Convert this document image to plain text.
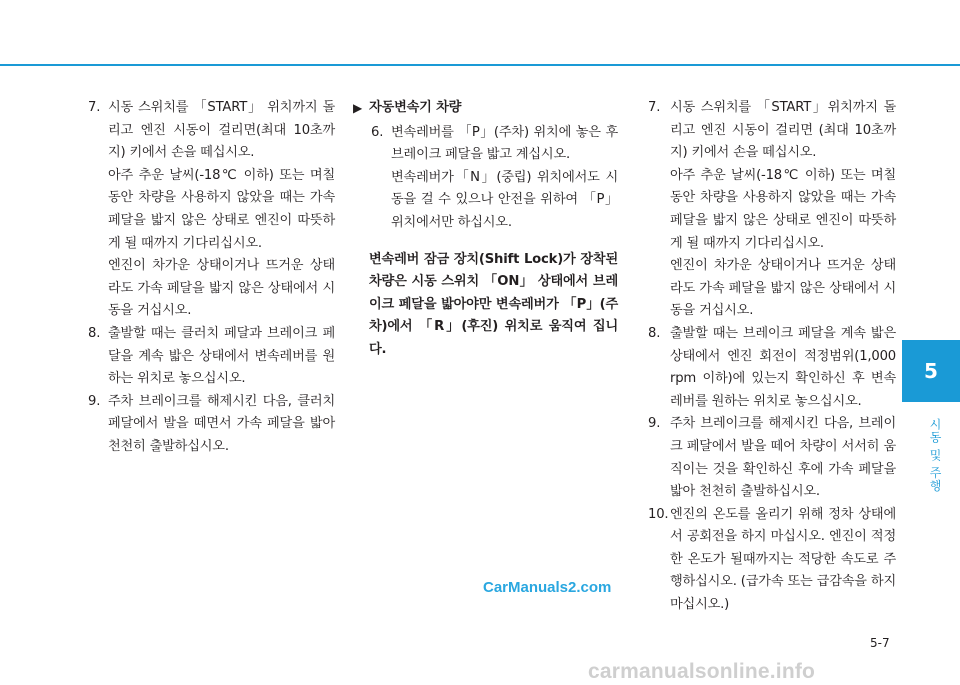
7. 시동 스위치를 「START」 위치까지 돌리고 엔진 시동이 걸리면(최대 10초까지) 키에서 손을 떼십시오.

아주 추운 날씨(-18℃ 이하) 또는 며칠 동안 차량을 사용하지 않았을 때는 가속 페달을 밟지 않은 상태로 엔진이 따뜻하게 될 때까지 기다리십시오.

엔진이 차가운 상태이거나 뜨거운 상태라도 가속 페달을 밟지 않은 상태에서 시동을 거십시오.

8. 출발할 때는 클러치 페달과 브레이크 페달을 계속 밟은 상태에서 변속레버를 원하는 위치로 놓으십시오.

9. 주차 브레이크를 해제시킨 다음, 클러치 페달에서 발을 떼면서 가속 페달을 밟아 천천히 출발하십시오.

▶ 자동변속기 차량
6. 변속레버를 「P」(주차) 위치에 놓은 후 브레이크 페달을 밟고 계십시오.

변속레버가「N」(중립) 위치에서도 시동을 걸 수 있으나 안전을 위하여 「P」위치에서만 하십시오.

변속레버 잠금 장치(Shift Lock)가 장착된 차량은 시동 스위치 「ON」 상태에서 브레이크 페달을 밟아야만 변속레버가 「P」(주차)에서 「R」(후진) 위치로 움직여 집니다.

7. 시동 스위치를 「START」위치까지 돌리고 엔진 시동이 걸리면 (최대 10초까지) 키에서 손을 떼십시오.

아주 추운 날씨(-18℃ 이하) 또는 며칠 동안 차량을 사용하지 않았을 때는 가속 페달을 밟지 않은 상태로 엔진이 따뜻하게 될 때까지 기다리십시오.

엔진이 차가운 상태이거나 뜨거운 상태라도 가속 페달을 밟지 않은 상태에서 시동을 거십시오.

8. 출발할 때는 브레이크 페달을 계속 밟은 상태에서 엔진 회전이 적정범위(1,000 rpm 이하)에 있는지 확인하신 후 변속레버를 원하는 위치로 놓으십시오.

9. 주차 브레이크를 해제시킨 다음, 브레이크 페달에서 발을 떼어 차량이 서서히 움직이는 것을 확인하신 후에 가속 페달을 밟아 천천히 출발하십시오.

10. 엔진의 온도를 올리기 위해 정차 상태에서 공회전을 하지 마십시오. 엔진이 적정한 온도가 될때까지는 적당한 속도로 주행하십시오. (급가속 또는 급감속을 하지 마십시오.)

5
시동 및 주행
CarManuals2.com
5-7
carmanualsonline.info
